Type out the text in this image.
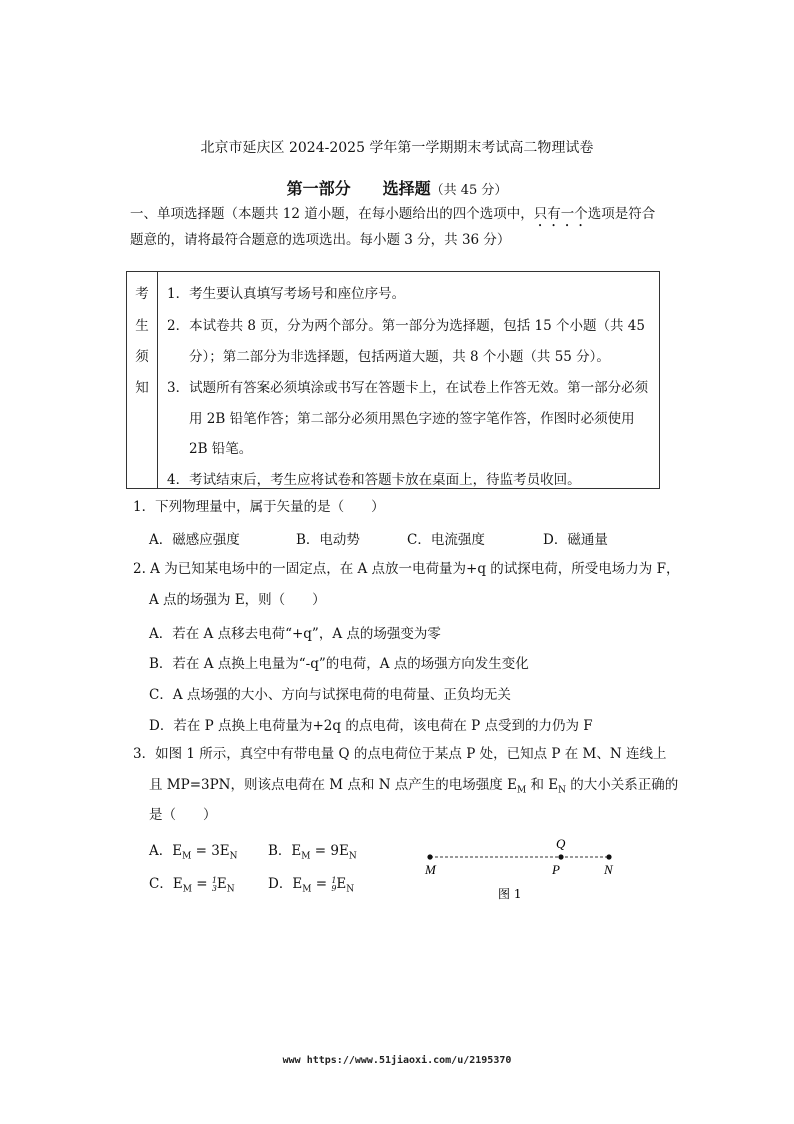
北京市延庆区 2024-2025 学年第一学期期末考试高二物理试卷
第一部分　　选择题（共 45 分）
一、单项选择题（本题共 12 道小题，在每小题给出的四个选项中，只有一个选项是符合
题意的，请将最符合题意的选项选出。每小题 3 分，共 36 分）
考
生
须
知
1．考生要认真填写考场号和座位序号。
2．本试卷共 8 页，分为两个部分。第一部分为选择题，包括 15 个小题（共 45
分）；第二部分为非选择题，包括两道大题，共 8 个小题（共 55 分）。
3．试题所有答案必须填涂或书写在答题卡上，在试卷上作答无效。第一部分必须
用 2B 铅笔作答；第二部分必须用黑色字迹的签字笔作答，作图时必须使用
2B 铅笔。
4．考试结束后，考生应将试卷和答题卡放在桌面上，待监考员收回。
1．下列物理量中，属于矢量的是（　　）
A．磁感应强度	B．电动势	C．电流强度	D．磁通量
2. A 为已知某电场中的一固定点，在 A 点放一电荷量为+q 的试探电荷，所受电场力为 F，
A 点的场强为 E，则（　　）
A．若在 A 点移去电荷“+q”，A 点的场强变为零
B．若在 A 点换上电量为“-q”的电荷，A 点的场强方向发生变化
C．A 点场强的大小、方向与试探电荷的电荷量、正负均无关
D．若在 P 点换上电荷量为+2q 的点电荷，该电荷在 P 点受到的力仍为 F
3．如图 1 所示，真空中有带电量 Q 的点电荷位于某点 P 处，已知点 P 在 M、N 连线上
且 MP=3PN，则该点电荷在 M 点和 N 点产生的电场强度 $E_M$ 和 $E_N$ 的大小关系正确的
是（　　）
A．$E_M = 3E_N$ B．$E_M = 9E_N$
C．$E_M = 1$
3 $E_N$ D．$E_M = 1$
9 $E_N$
Q
M	P	N
图 1
www https://www.51jiaoxi.com/u/2195370
